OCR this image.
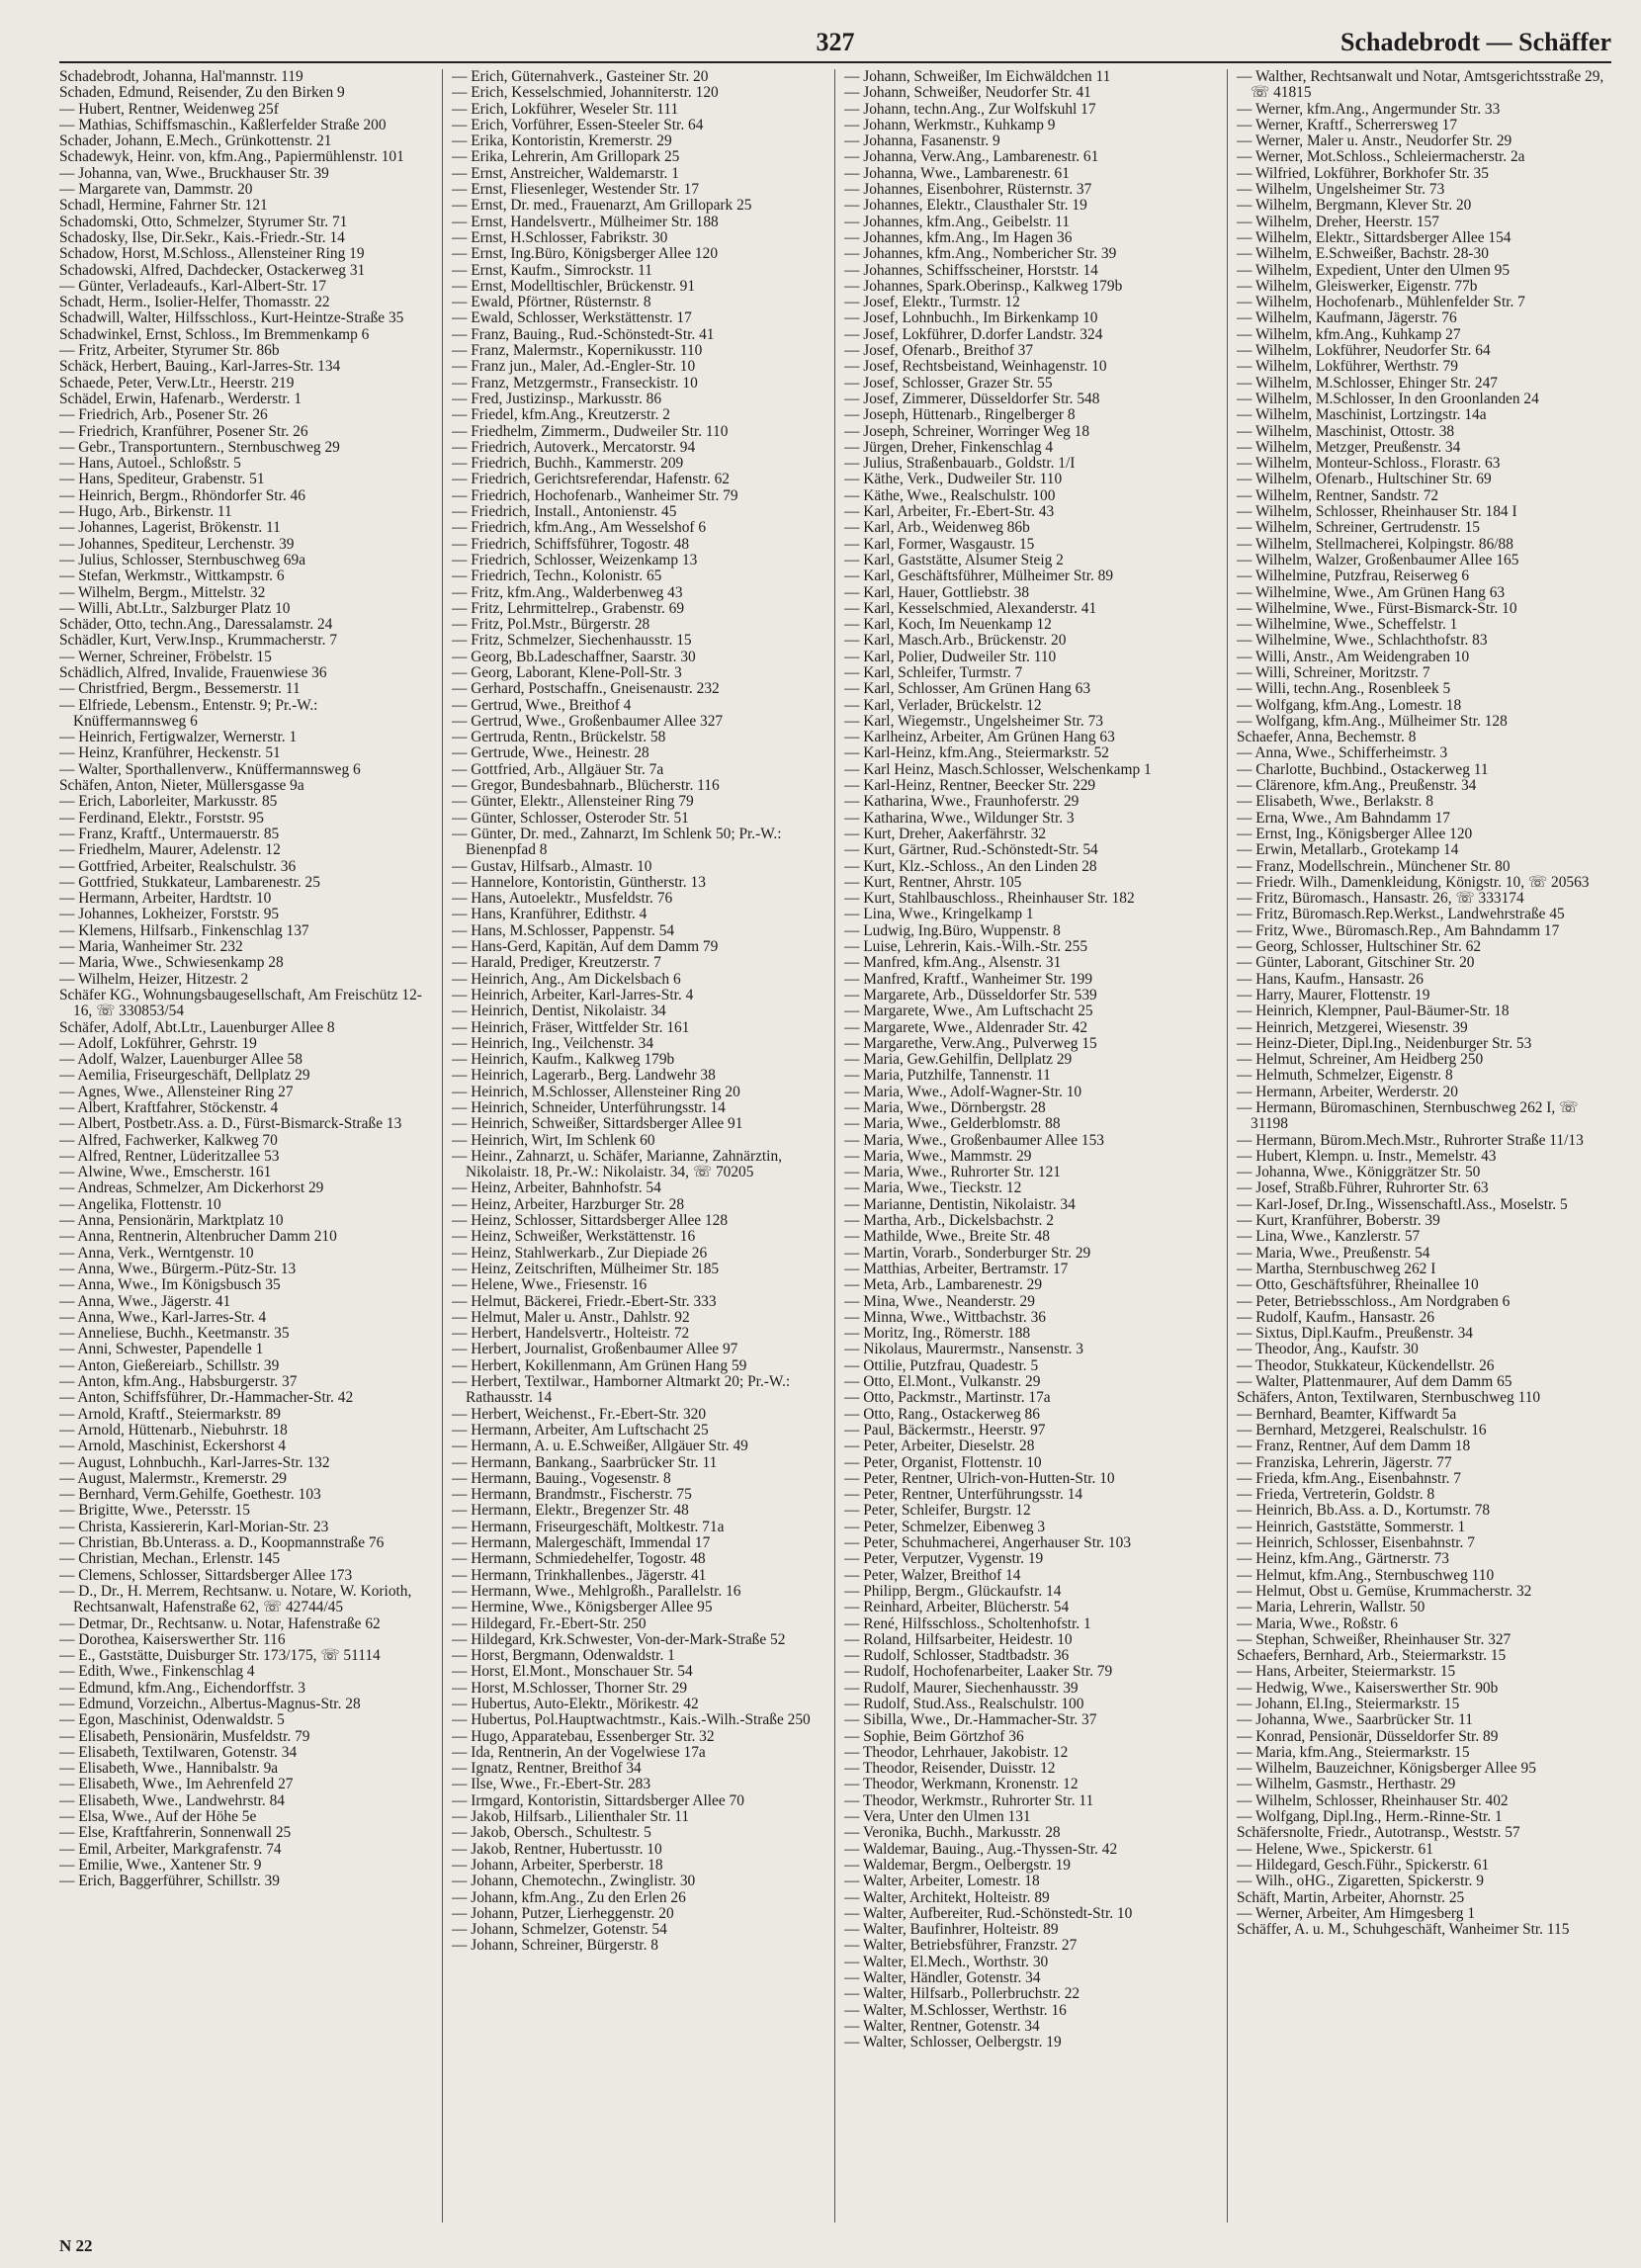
327	Schadebrodt — Schäffer

Schadebrodt, Johanna, Hal'mannstr. 119

Schaden, Edmund, Reisender, Zu den Birken 9

— Hubert, Rentner, Weidenweg 25f

— Mathias, Schiffsmaschin., Kaßlerfelder Straße 200

Schader, Johann, E.Mech., Grünkottenstr. 21

Schadewyk, Heinr. von, kfm.Ang., Papiermühlenstr. 101

— Johanna, van, Wwe., Bruckhauser Str. 39

— Margarete van, Dammstr. 20

Schadl, Hermine, Fahrner Str. 121

Schadomski, Otto, Schmelzer, Styrumer Str. 71

Schadosky, Ilse, Dir.Sekr., Kais.-Friedr.-Str. 14

Schadow, Horst, M.Schloss., Allensteiner Ring 19

Schadowski, Alfred, Dachdecker, Ostackerweg 31

— Günter, Verladeaufs., Karl-Albert-Str. 17

Schadt, Herm., Isolier-Helfer, Thomasstr. 22

Schadwill, Walter, Hilfsschloss., Kurt-Heintze-Straße 35

Schadwinkel, Ernst, Schloss., Im Bremmenkamp 6

— Fritz, Arbeiter, Styrumer Str. 86b

Schäck, Herbert, Bauing., Karl-Jarres-Str. 134

Schaede, Peter, Verw.Ltr., Heerstr. 219

Schädel, Erwin, Hafenarb., Werderstr. 1

— Friedrich, Arb., Posener Str. 26

— Friedrich, Kranführer, Posener Str. 26

— Gebr., Transportuntern., Sternbuschweg 29

— Hans, Autoel., Schloßstr. 5

— Hans, Spediteur, Grabenstr. 51

— Heinrich, Bergm., Rhöndorfer Str. 46

— Hugo, Arb., Birkenstr. 11

— Johannes, Lagerist, Brökenstr. 11

— Johannes, Spediteur, Lerchenstr. 39

— Julius, Schlosser, Sternbuschweg 69a

— Stefan, Werkmstr., Wittkampstr. 6

— Wilhelm, Bergm., Mittelstr. 32

— Willi, Abt.Ltr., Salzburger Platz 10

Schäder, Otto, techn.Ang., Daressalamstr. 24

Schädler, Kurt, Verw.Insp., Krummacherstr. 7

— Werner, Schreiner, Fröbelstr. 15

Schädlich, Alfred, Invalide, Frauenwiese 36

— Christfried, Bergm., Bessemerstr. 11

— Elfriede, Lebensm., Entenstr. 9; Pr.-W.: Knüffermannsweg 6

— Heinrich, Fertigwalzer, Wernerstr. 1

— Heinz, Kranführer, Heckenstr. 51

— Walter, Sporthallenverw., Knüffermannsweg 6

Schäfen, Anton, Nieter, Müllersgasse 9a

— Erich, Laborleiter, Markusstr. 85

— Ferdinand, Elektr., Forststr. 95

— Franz, Kraftf., Untermauerstr. 85

— Friedhelm, Maurer, Adelenstr. 12

— Gottfried, Arbeiter, Realschulstr. 36

— Gottfried, Stukkateur, Lambarenestr. 25

— Hermann, Arbeiter, Hardtstr. 10

— Johannes, Lokheizer, Forststr. 95

— Klemens, Hilfsarb., Finkenschlag 137

— Maria, Wanheimer Str. 232

— Maria, Wwe., Schwiesenkamp 28

— Wilhelm, Heizer, Hitzestr. 2

Schäfer KG., Wohnungsbaugesellschaft, Am Freischütz 12-16, ☏ 330853/54

Schäfer, Adolf, Abt.Ltr., Lauenburger Allee 8

— Adolf, Lokführer, Gehrstr. 19

— Adolf, Walzer, Lauenburger Allee 58

— Aemilia, Friseurgeschäft, Dellplatz 29

— Agnes, Wwe., Allensteiner Ring 27

— Albert, Kraftfahrer, Stöckenstr. 4

— Albert, Postbetr.Ass. a. D., Fürst-Bismarck-Straße 13

— Alfred, Fachwerker, Kalkweg 70

— Alfred, Rentner, Lüderitzallee 53

— Alwine, Wwe., Emscherstr. 161

— Andreas, Schmelzer, Am Dickerhorst 29

— Angelika, Flottenstr. 10

— Anna, Pensionärin, Marktplatz 10

— Anna, Rentnerin, Altenbrucher Damm 210

— Anna, Verk., Werntgenstr. 10

— Anna, Wwe., Bürgerm.-Pütz-Str. 13

— Anna, Wwe., Im Königsbusch 35

— Anna, Wwe., Jägerstr. 41

— Anna, Wwe., Karl-Jarres-Str. 4

— Anneliese, Buchh., Keetmanstr. 35

— Anni, Schwester, Papendelle 1

— Anton, Gießereiarb., Schillstr. 39

— Anton, kfm.Ang., Habsburgerstr. 37

— Anton, Schiffsführer, Dr.-Hammacher-Str. 42

— Arnold, Kraftf., Steiermarkstr. 89

— Arnold, Hüttenarb., Niebuhrstr. 18

— Arnold, Maschinist, Eckershorst 4

— August, Lohnbuchh., Karl-Jarres-Str. 132

— August, Malermstr., Kremerstr. 29

— Bernhard, Verm.Gehilfe, Goethestr. 103

— Brigitte, Wwe., Petersstr. 15

— Christa, Kassiererin, Karl-Morian-Str. 23

— Christian, Bb.Unterass. a. D., Koopmannstraße 76

— Christian, Mechan., Erlenstr. 145

— Clemens, Schlosser, Sittardsberger Allee 173

— D., Dr., H. Merrem, Rechtsanw. u. Notare, W. Korioth, Rechtsanwalt, Hafenstraße 62, ☏ 42744/45

— Detmar, Dr., Rechtsanw. u. Notar, Hafenstraße 62

— Dorothea, Kaiserswerther Str. 116

— E., Gaststätte, Duisburger Str. 173/175, ☏ 51114

— Edith, Wwe., Finkenschlag 4

— Edmund, kfm.Ang., Eichendorffstr. 3

— Edmund, Vorzeichn., Albertus-Magnus-Str. 28

— Egon, Maschinist, Odenwaldstr. 5

— Elisabeth, Pensionärin, Musfeldstr. 79

— Elisabeth, Textilwaren, Gotenstr. 34

— Elisabeth, Wwe., Hannibalstr. 9a

— Elisabeth, Wwe., Im Aehrenfeld 27

— Elisabeth, Wwe., Landwehrstr. 84

— Elsa, Wwe., Auf der Höhe 5e

— Else, Kraftfahrerin, Sonnenwall 25

— Emil, Arbeiter, Markgrafenstr. 74

— Emilie, Wwe., Xantener Str. 9

— Erich, Baggerführer, Schillstr. 39

— Erich, Güternahverk., Gasteiner Str. 20

— Erich, Kesselschmied, Johanniterstr. 120

— Erich, Lokführer, Weseler Str. 111

— Erich, Vorführer, Essen-Steeler Str. 64

— Erika, Kontoristin, Kremerstr. 29

— Erika, Lehrerin, Am Grillopark 25

— Ernst, Anstreicher, Waldemarstr. 1

— Ernst, Fliesenleger, Westender Str. 17

— Ernst, Dr. med., Frauenarzt, Am Grillopark 25

— Ernst, Handelsvertr., Mülheimer Str. 188

— Ernst, H.Schlosser, Fabrikstr. 30

— Ernst, Ing.Büro, Königsberger Allee 120

— Ernst, Kaufm., Simrockstr. 11

— Ernst, Modelltischler, Brückenstr. 91

— Ewald, Pförtner, Rüsternstr. 8

— Ewald, Schlosser, Werkstättenstr. 17

— Franz, Bauing., Rud.-Schönstedt-Str. 41

— Franz, Malermstr., Kopernikusstr. 110

— Franz jun., Maler, Ad.-Engler-Str. 10

— Franz, Metzgermstr., Franseckistr. 10

— Fred, Justizinsp., Markusstr. 86

— Friedel, kfm.Ang., Kreutzerstr. 2

— Friedhelm, Zimmerm., Dudweiler Str. 110

— Friedrich, Autoverk., Mercatorstr. 94

— Friedrich, Buchh., Kammerstr. 209

— Friedrich, Gerichtsreferendar, Hafenstr. 62

— Friedrich, Hochofenarb., Wanheimer Str. 79

— Friedrich, Install., Antonienstr. 45

— Friedrich, kfm.Ang., Am Wesselshof 6

— Friedrich, Schiffsführer, Togostr. 48

— Friedrich, Schlosser, Weizenkamp 13

— Friedrich, Techn., Kolonistr. 65

— Fritz, kfm.Ang., Walderbenweg 43

— Fritz, Lehrmittelrep., Grabenstr. 69

— Fritz, Pol.Mstr., Bürgerstr. 28

— Fritz, Schmelzer, Siechenhausstr. 15

— Georg, Bb.Ladeschaffner, Saarstr. 30

— Georg, Laborant, Klene-Poll-Str. 3

— Gerhard, Postschaffn., Gneisenaustr. 232

— Gertrud, Wwe., Breithof 4

— Gertrud, Wwe., Großenbaumer Allee 327

— Gertruda, Rentn., Brückelstr. 58

— Gertrude, Wwe., Heinestr. 28

— Gottfried, Arb., Allgäuer Str. 7a

— Gregor, Bundesbahnarb., Blücherstr. 116

— Günter, Elektr., Allensteiner Ring 79

— Günter, Schlosser, Osteroder Str. 51

— Günter, Dr. med., Zahnarzt, Im Schlenk 50; Pr.-W.: Bienenpfad 8

— Gustav, Hilfsarb., Almastr. 10

— Hannelore, Kontoristin, Güntherstr. 13

— Hans, Autoelektr., Musfeldstr. 76

— Hans, Kranführer, Edithstr. 4

— Hans, M.Schlosser, Pappenstr. 54

— Hans-Gerd, Kapitän, Auf dem Damm 79

— Harald, Prediger, Kreutzerstr. 7

— Heinrich, Ang., Am Dickelsbach 6

— Heinrich, Arbeiter, Karl-Jarres-Str. 4

— Heinrich, Dentist, Nikolaistr. 34

— Heinrich, Fräser, Wittfelder Str. 161

— Heinrich, Ing., Veilchenstr. 34

— Heinrich, Kaufm., Kalkweg 179b

— Heinrich, Lagerarb., Berg. Landwehr 38

— Heinrich, M.Schlosser, Allensteiner Ring 20

— Heinrich, Schneider, Unterführungsstr. 14

— Heinrich, Schweißer, Sittardsberger Allee 91

— Heinrich, Wirt, Im Schlenk 60

— Heinr., Zahnarzt, u. Schäfer, Marianne, Zahnärztin, Nikolaistr. 18, Pr.-W.: Nikolaistr. 34, ☏ 70205

— Heinz, Arbeiter, Bahnhofstr. 54

— Heinz, Arbeiter, Harzburger Str. 28

— Heinz, Schlosser, Sittardsberger Allee 128

— Heinz, Schweißer, Werkstättenstr. 16

— Heinz, Stahlwerkarb., Zur Diepiade 26

— Heinz, Zeitschriften, Mülheimer Str. 185

— Helene, Wwe., Friesenstr. 16

— Helmut, Bäckerei, Friedr.-Ebert-Str. 333

— Helmut, Maler u. Anstr., Dahlstr. 92

— Herbert, Handelsvertr., Holteistr. 72

— Herbert, Journalist, Großenbaumer Allee 97

— Herbert, Kokillenmann, Am Grünen Hang 59

— Herbert, Textilwar., Hamborner Altmarkt 20; Pr.-W.: Rathausstr. 14

— Herbert, Weichenst., Fr.-Ebert-Str. 320

— Hermann, Arbeiter, Am Luftschacht 25

— Hermann, A. u. E.Schweißer, Allgäuer Str. 49

— Hermann, Bankang., Saarbrücker Str. 11

— Hermann, Bauing., Vogesenstr. 8

— Hermann, Brandmstr., Fischerstr. 75

— Hermann, Elektr., Bregenzer Str. 48

— Hermann, Friseurgeschäft, Moltkestr. 71a

— Hermann, Malergeschäft, Immendal 17

— Hermann, Schmiedehelfer, Togostr. 48

— Hermann, Trinkhallenbes., Jägerstr. 41

— Hermann, Wwe., Mehlgroßh., Parallelstr. 16

— Hermine, Wwe., Königsberger Allee 95

— Hildegard, Fr.-Ebert-Str. 250

— Hildegard, Krk.Schwester, Von-der-Mark-Straße 52

— Horst, Bergmann, Odenwaldstr. 1

— Horst, El.Mont., Monschauer Str. 54

— Horst, M.Schlosser, Thorner Str. 29

— Hubertus, Auto-Elektr., Mörikestr. 42

— Hubertus, Pol.Hauptwachtmstr., Kais.-Wilh.-Straße 250

— Hugo, Apparatebau, Essenberger Str. 32

— Ida, Rentnerin, An der Vogelwiese 17a

— Ignatz, Rentner, Breithof 34

— Ilse, Wwe., Fr.-Ebert-Str. 283

— Irmgard, Kontoristin, Sittardsberger Allee 70

— Jakob, Hilfsarb., Lilienthaler Str. 11

— Jakob, Obersch., Schultestr. 5

— Jakob, Rentner, Hubertusstr. 10

— Johann, Arbeiter, Sperberstr. 18

— Johann, Chemotechn., Zwinglistr. 30

— Johann, kfm.Ang., Zu den Erlen 26

— Johann, Putzer, Lierheggenstr. 20

— Johann, Schmelzer, Gotenstr. 54

— Johann, Schreiner, Bürgerstr. 8

— Johann, Schweißer, Im Eichwäldchen 11

— Johann, Schweißer, Neudorfer Str. 41

— Johann, techn.Ang., Zur Wolfskuhl 17

— Johann, Werkmstr., Kuhkamp 9

— Johanna, Fasanenstr. 9

— Johanna, Verw.Ang., Lambarenestr. 61

— Johanna, Wwe., Lambarenestr. 61

— Johannes, Eisenbohrer, Rüsternstr. 37

— Johannes, Elektr., Clausthaler Str. 19

— Johannes, kfm.Ang., Geibelstr. 11

— Johannes, kfm.Ang., Im Hagen 36

— Johannes, kfm.Ang., Nombericher Str. 39

— Johannes, Schiffsscheiner, Horststr. 14

— Johannes, Spark.Oberinsp., Kalkweg 179b

— Josef, Elektr., Turmstr. 12

— Josef, Lohnbuchh., Im Birkenkamp 10

— Josef, Lokführer, D.dorfer Landstr. 324

— Josef, Ofenarb., Breithof 37

— Josef, Rechtsbeistand, Weinhagenstr. 10

— Josef, Schlosser, Grazer Str. 55

— Josef, Zimmerer, Düsseldorfer Str. 548

— Joseph, Hüttenarb., Ringelberger 8

— Joseph, Schreiner, Worringer Weg 18

— Jürgen, Dreher, Finkenschlag 4

— Julius, Straßenbauarb., Goldstr. 1/I

— Käthe, Verk., Dudweiler Str. 110

— Käthe, Wwe., Realschulstr. 100

— Karl, Arbeiter, Fr.-Ebert-Str. 43

— Karl, Arb., Weidenweg 86b

— Karl, Former, Wasgaustr. 15

— Karl, Gaststätte, Alsumer Steig 2

— Karl, Geschäftsführer, Mülheimer Str. 89

— Karl, Hauer, Gottliebstr. 38

— Karl, Kesselschmied, Alexanderstr. 41

— Karl, Koch, Im Neuenkamp 12

— Karl, Masch.Arb., Brückenstr. 20

— Karl, Polier, Dudweiler Str. 110

— Karl, Schleifer, Turmstr. 7

— Karl, Schlosser, Am Grünen Hang 63

— Karl, Verlader, Brückelstr. 12

— Karl, Wiegemstr., Ungelsheimer Str. 73

— Karlheinz, Arbeiter, Am Grünen Hang 63

— Karl-Heinz, kfm.Ang., Steiermarkstr. 52

— Karl Heinz, Masch.Schlosser, Welschenkamp 1

— Karl-Heinz, Rentner, Beecker Str. 229

— Katharina, Wwe., Fraunhoferstr. 29

— Katharina, Wwe., Wildunger Str. 3

— Kurt, Dreher, Aakerfährstr. 32

— Kurt, Gärtner, Rud.-Schönstedt-Str. 54

— Kurt, Klz.-Schloss., An den Linden 28

— Kurt, Rentner, Ahrstr. 105

— Kurt, Stahlbauschloss., Rheinhauser Str. 182

— Lina, Wwe., Kringelkamp 1

— Ludwig, Ing.Büro, Wuppenstr. 8

— Luise, Lehrerin, Kais.-Wilh.-Str. 255

— Manfred, kfm.Ang., Alsenstr. 31

— Manfred, Kraftf., Wanheimer Str. 199

— Margarete, Arb., Düsseldorfer Str. 539

— Margarete, Wwe., Am Luftschacht 25

— Margarete, Wwe., Aldenrader Str. 42

— Margarethe, Verw.Ang., Pulverweg 15

— Maria, Gew.Gehilfin, Dellplatz 29

— Maria, Putzhilfe, Tannenstr. 11

— Maria, Wwe., Adolf-Wagner-Str. 10

— Maria, Wwe., Dörnbergstr. 28

— Maria, Wwe., Gelderblomstr. 88

— Maria, Wwe., Großenbaumer Allee 153

— Maria, Wwe., Mammstr. 29

— Maria, Wwe., Ruhrorter Str. 121

— Maria, Wwe., Tieckstr. 12

— Marianne, Dentistin, Nikolaistr. 34

— Martha, Arb., Dickelsbachstr. 2

— Mathilde, Wwe., Breite Str. 48

— Martin, Vorarb., Sonderburger Str. 29

— Matthias, Arbeiter, Bertramstr. 17

— Meta, Arb., Lambarenestr. 29

— Mina, Wwe., Neanderstr. 29

— Minna, Wwe., Wittbachstr. 36

— Moritz, Ing., Römerstr. 188

— Nikolaus, Maurermstr., Nansenstr. 3

— Ottilie, Putzfrau, Quadestr. 5

— Otto, El.Mont., Vulkanstr. 29

— Otto, Packmstr., Martinstr. 17a

— Otto, Rang., Ostackerweg 86

— Paul, Bäckermstr., Heerstr. 97

— Peter, Arbeiter, Dieselstr. 28

— Peter, Organist, Flottenstr. 10

— Peter, Rentner, Ulrich-von-Hutten-Str. 10

— Peter, Rentner, Unterführungsstr. 14

— Peter, Schleifer, Burgstr. 12

— Peter, Schmelzer, Eibenweg 3

— Peter, Schuhmacherei, Angerhauser Str. 103

— Peter, Verputzer, Vygenstr. 19

— Peter, Walzer, Breithof 14

— Philipp, Bergm., Glückaufstr. 14

— Reinhard, Arbeiter, Blücherstr. 54

— René, Hilfsschloss., Scholtenhofstr. 1

— Roland, Hilfsarbeiter, Heidestr. 10

— Rudolf, Schlosser, Stadtbadstr. 36

— Rudolf, Hochofenarbeiter, Laaker Str. 79

— Rudolf, Maurer, Siechenhausstr. 39

— Rudolf, Stud.Ass., Realschulstr. 100

— Sibilla, Wwe., Dr.-Hammacher-Str. 37

— Sophie, Beim Görtzhof 36

— Theodor, Lehrhauer, Jakobistr. 12

— Theodor, Reisender, Duisstr. 12

— Theodor, Werkmann, Kronenstr. 12

— Theodor, Werkmstr., Ruhrorter Str. 11

— Vera, Unter den Ulmen 131

— Veronika, Buchh., Markusstr. 28

— Waldemar, Bauing., Aug.-Thyssen-Str. 42

— Waldemar, Bergm., Oelbergstr. 19

— Walter, Arbeiter, Lomestr. 18

— Walter, Architekt, Holteistr. 89

— Walter, Aufbereiter, Rud.-Schönstedt-Str. 10

— Walter, Baufinhrer, Holteistr. 89

— Walter, Betriebsführer, Franzstr. 27

— Walter, El.Mech., Worthstr. 30

— Walter, Händler, Gotenstr. 34

— Walter, Hilfsarb., Pollerbruchstr. 22

— Walter, M.Schlosser, Werthstr. 16

— Walter, Rentner, Gotenstr. 34

— Walter, Schlosser, Oelbergstr. 19

— Walther, Rechtsanwalt und Notar, Amtsgerichtsstraße 29, ☏ 41815

— Werner, kfm.Ang., Angermunder Str. 33

— Werner, Kraftf., Scherrersweg 17

— Werner, Maler u. Anstr., Neudorfer Str. 29

— Werner, Mot.Schloss., Schleiermacherstr. 2a

— Wilfried, Lokführer, Borkhofer Str. 35

— Wilhelm, Ungelsheimer Str. 73

— Wilhelm, Bergmann, Klever Str. 20

— Wilhelm, Dreher, Heerstr. 157

— Wilhelm, Elektr., Sittardsberger Allee 154

— Wilhelm, E.Schweißer, Bachstr. 28-30

— Wilhelm, Expedient, Unter den Ulmen 95

— Wilhelm, Gleiswerker, Eigenstr. 77b

— Wilhelm, Hochofenarb., Mühlenfelder Str. 7

— Wilhelm, Kaufmann, Jägerstr. 76

— Wilhelm, kfm.Ang., Kuhkamp 27

— Wilhelm, Lokführer, Neudorfer Str. 64

— Wilhelm, Lokführer, Werthstr. 79

— Wilhelm, M.Schlosser, Ehinger Str. 247

— Wilhelm, M.Schlosser, In den Groonlanden 24

— Wilhelm, Maschinist, Lortzingstr. 14a

— Wilhelm, Maschinist, Ottostr. 38

— Wilhelm, Metzger, Preußenstr. 34

— Wilhelm, Monteur-Schloss., Florastr. 63

— Wilhelm, Ofenarb., Hultschiner Str. 69

— Wilhelm, Rentner, Sandstr. 72

— Wilhelm, Schlosser, Rheinhauser Str. 184 I

— Wilhelm, Schreiner, Gertrudenstr. 15

— Wilhelm, Stellmacherei, Kolpingstr. 86/88

— Wilhelm, Walzer, Großenbaumer Allee 165

— Wilhelmine, Putzfrau, Reiserweg 6

— Wilhelmine, Wwe., Am Grünen Hang 63

— Wilhelmine, Wwe., Fürst-Bismarck-Str. 10

— Wilhelmine, Wwe., Scheffelstr. 1

— Wilhelmine, Wwe., Schlachthofstr. 83

— Willi, Anstr., Am Weidengraben 10

— Willi, Schreiner, Moritzstr. 7

— Willi, techn.Ang., Rosenbleek 5

— Wolfgang, kfm.Ang., Lomestr. 18

— Wolfgang, kfm.Ang., Mülheimer Str. 128

Schaefer, Anna, Bechemstr. 8

— Anna, Wwe., Schifferheimstr. 3

— Charlotte, Buchbind., Ostackerweg 11

— Clärenore, kfm.Ang., Preußenstr. 34

— Elisabeth, Wwe., Berlakstr. 8

— Erna, Wwe., Am Bahndamm 17

— Ernst, Ing., Königsberger Allee 120

— Erwin, Metallarb., Grotekamp 14

— Franz, Modellschrein., Münchener Str. 80

— Friedr. Wilh., Damenkleidung, Königstr. 10, ☏ 20563

— Fritz, Büromasch., Hansastr. 26, ☏ 333174

— Fritz, Büromasch.Rep.Werkst., Landwehrstraße 45

— Fritz, Wwe., Büromasch.Rep., Am Bahndamm 17

— Georg, Schlosser, Hultschiner Str. 62

— Günter, Laborant, Gitschiner Str. 20

— Hans, Kaufm., Hansastr. 26

— Harry, Maurer, Flottenstr. 19

— Heinrich, Klempner, Paul-Bäumer-Str. 18

— Heinrich, Metzgerei, Wiesenstr. 39

— Heinz-Dieter, Dipl.Ing., Neidenburger Str. 53

— Helmut, Schreiner, Am Heidberg 250

— Helmuth, Schmelzer, Eigenstr. 8

— Hermann, Arbeiter, Werderstr. 20

— Hermann, Büromaschinen, Sternbuschweg 262 I, ☏ 31198

— Hermann, Bürom.Mech.Mstr., Ruhrorter Straße 11/13

— Hubert, Klempn. u. Instr., Memelstr. 43

— Johanna, Wwe., Königgrätzer Str. 50

— Josef, Straßb.Führer, Ruhrorter Str. 63

— Karl-Josef, Dr.Ing., Wissenschaftl.Ass., Moselstr. 5

— Kurt, Kranführer, Boberstr. 39

— Lina, Wwe., Kanzlerstr. 57

— Maria, Wwe., Preußenstr. 54

— Martha, Sternbuschweg 262 I

— Otto, Geschäftsführer, Rheinallee 10

— Peter, Betriebsschloss., Am Nordgraben 6

— Rudolf, Kaufm., Hansastr. 26

— Sixtus, Dipl.Kaufm., Preußenstr. 34

— Theodor, Ang., Kaufstr. 30

— Theodor, Stukkateur, Kückendellstr. 26

— Walter, Plattenmaurer, Auf dem Damm 65

Schäfers, Anton, Textilwaren, Sternbuschweg 110

— Bernhard, Beamter, Kiffwardt 5a

— Bernhard, Metzgerei, Realschulstr. 16

— Franz, Rentner, Auf dem Damm 18

— Franziska, Lehrerin, Jägerstr. 77

— Frieda, kfm.Ang., Eisenbahnstr. 7

— Frieda, Vertreterin, Goldstr. 8

— Heinrich, Bb.Ass. a. D., Kortumstr. 78

— Heinrich, Gaststätte, Sommerstr. 1

— Heinrich, Schlosser, Eisenbahnstr. 7

— Heinz, kfm.Ang., Gärtnerstr. 73

— Helmut, kfm.Ang., Sternbuschweg 110

— Helmut, Obst u. Gemüse, Krummacherstr. 32

— Maria, Lehrerin, Wallstr. 50

— Maria, Wwe., Roßstr. 6

— Stephan, Schweißer, Rheinhauser Str. 327

Schaefers, Bernhard, Arb., Steiermarkstr. 15

— Hans, Arbeiter, Steiermarkstr. 15

— Hedwig, Wwe., Kaiserswerther Str. 90b

— Johann, El.Ing., Steiermarkstr. 15

— Johanna, Wwe., Saarbrücker Str. 11

— Konrad, Pensionär, Düsseldorfer Str. 89

— Maria, kfm.Ang., Steiermarkstr. 15

— Wilhelm, Bauzeichner, Königsberger Allee 95

— Wilhelm, Gasmstr., Herthastr. 29

— Wilhelm, Schlosser, Rheinhauser Str. 402

— Wolfgang, Dipl.Ing., Herm.-Rinne-Str. 1

Schäfersnolte, Friedr., Autotransp., Weststr. 57

— Helene, Wwe., Spickerstr. 61

— Hildegard, Gesch.Führ., Spickerstr. 61

— Wilh., oHG., Zigaretten, Spickerstr. 9

Schäft, Martin, Arbeiter, Ahornstr. 25

— Werner, Arbeiter, Am Himgesberg 1

Schäffer, A. u. M., Schuhgeschäft, Wanheimer Str. 115

N 22
